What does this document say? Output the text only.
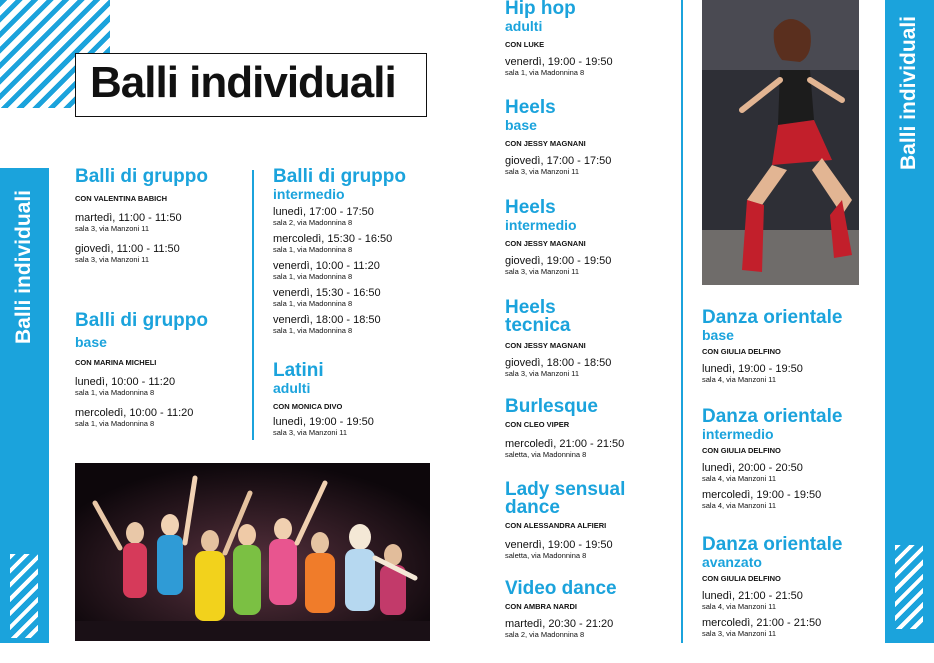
Balli individuali
Balli individuali
Balli individuali
Balli di gruppo
CON VALENTINA BABICH
martedì, 11:00 - 11:50
sala 3, via Manzoni 11
giovedì, 11:00 - 11:50
sala 3, via Manzoni 11
Balli di gruppo
base
CON MARINA MICHELI
lunedì, 10:00 - 11:20
sala 1, via Madonnina 8
mercoledì, 10:00 - 11:20
sala 1, via Madonnina 8
Balli di gruppo
intermedio
lunedì, 17:00 - 17:50
sala 2, via Madonnina 8
mercoledì, 15:30 - 16:50
sala 1, via Madonnina 8
venerdì, 10:00 - 11:20
sala 1, via Madonnina 8
venerdì, 15:30 - 16:50
sala 1, via Madonnina 8
venerdì, 18:00 - 18:50
sala 1, via Madonnina 8
Latini
adulti
CON MONICA DIVO
lunedì, 19:00 - 19:50
sala 3, via Manzoni 11
Hip hop
adulti
CON LUKE
venerdì, 19:00 - 19:50
sala 1, via Madonnina 8
Heels
base
CON JESSY MAGNANI
giovedì, 17:00 - 17:50
sala 3, via Manzoni 11
Heels
intermedio
CON JESSY MAGNANI
giovedì, 19:00 - 19:50
sala 3, via Manzoni 11
Heels
tecnica
CON JESSY MAGNANI
giovedì, 18:00 - 18:50
sala 3, via Manzoni 11
Burlesque
CON CLEO VIPER
mercoledì, 21:00 - 21:50
saletta, via Madonnina 8
Lady sensual
dance
CON ALESSANDRA ALFIERI
venerdì, 19:00 - 19:50
saletta, via Madonnina 8
Video dance
CON AMBRA NARDI
martedì, 20:30 - 21:20
sala 2, via Madonnina 8
Danza orientale
base
CON GIULIA DELFINO
lunedì, 19:00 - 19:50
sala 4, via Manzoni 11
Danza orientale
intermedio
CON GIULIA DELFINO
lunedì, 20:00 - 20:50
sala 4, via Manzoni 11
mercoledì, 19:00 - 19:50
sala 4, via Manzoni 11
Danza orientale
avanzato
CON GIULIA DELFINO
lunedì, 21:00 - 21:50
sala 4, via Manzoni 11
mercoledì, 21:00 - 21:50
sala 3, via Manzoni 11
